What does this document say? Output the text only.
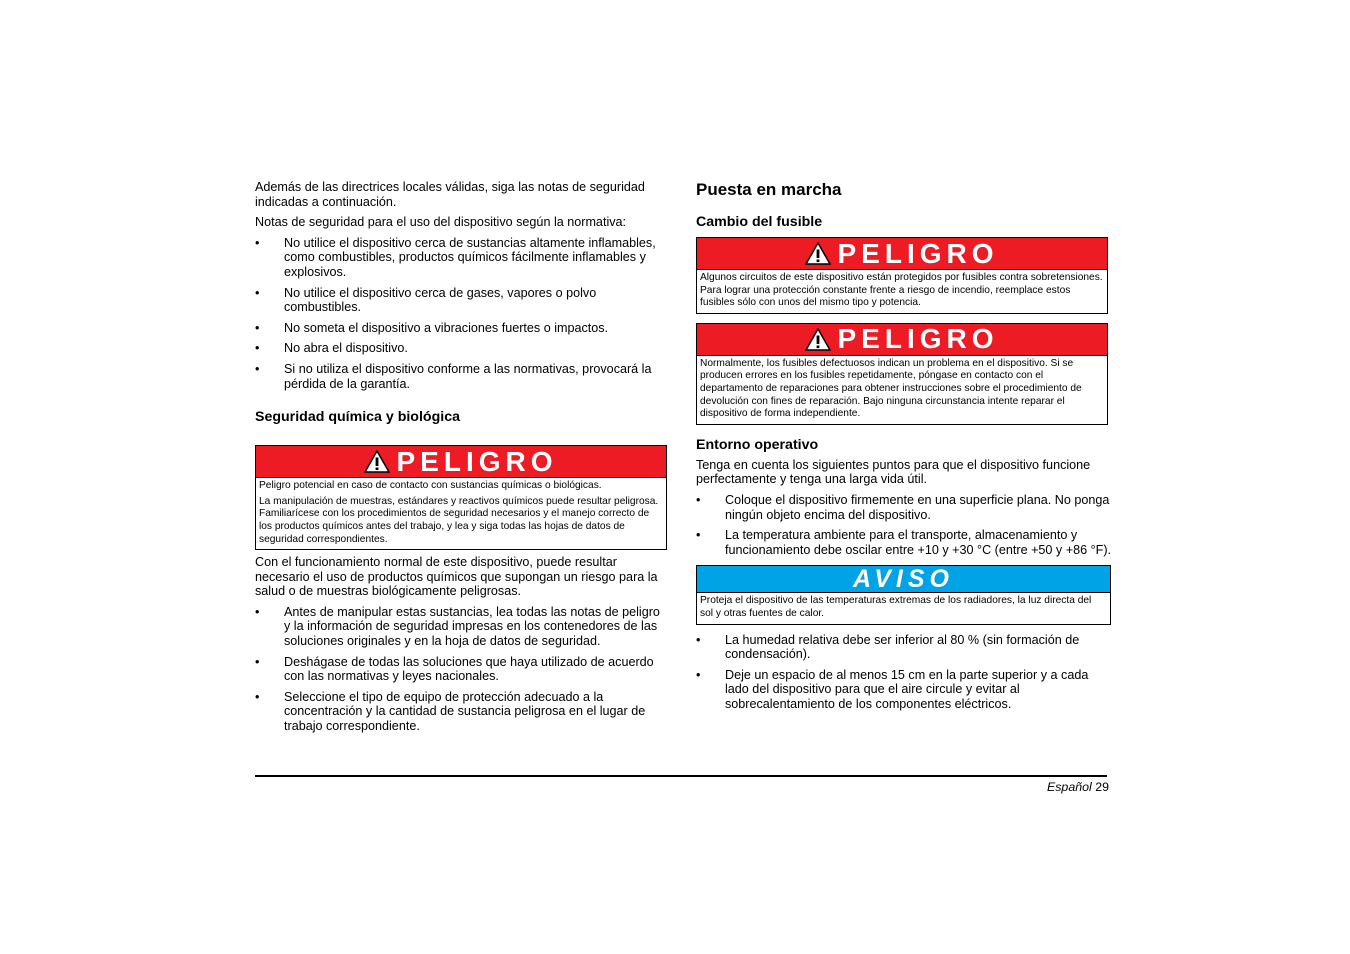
Además de las directrices locales válidas, siga las notas de seguridad indicadas a continuación.

Notas de seguridad para el uso del dispositivo según la normativa:

• No utilice el dispositivo cerca de sustancias altamente inflamables, como combustibles, productos químicos fácilmente inflamables y explosivos.
• No utilice el dispositivo cerca de gases, vapores o polvo combustibles.
• No someta el dispositivo a vibraciones fuertes o impactos.
• No abra el dispositivo.
• Si no utiliza el dispositivo conforme a las normativas, provocará la pérdida de la garantía.
Seguridad química y biológica
PELIGRO

Peligro potencial en caso de contacto con sustancias químicas o biológicas.

La manipulación de muestras, estándares y reactivos químicos puede resultar peligrosa. Familiarícese con los procedimientos de seguridad necesarios y el manejo correcto de los productos químicos antes del trabajo, y lea y siga todas las hojas de datos de seguridad correspondientes.

Con el funcionamiento normal de este dispositivo, puede resultar necesario el uso de productos químicos que supongan un riesgo para la salud o de muestras biológicamente peligrosas.

• Antes de manipular estas sustancias, lea todas las notas de peligro y la información de seguridad impresas en los contenedores de las soluciones originales y en la hoja de datos de seguridad.
• Deshágase de todas las soluciones que haya utilizado de acuerdo con las normativas y leyes nacionales.
• Seleccione el tipo de equipo de protección adecuado a la concentración y la cantidad de sustancia peligrosa en el lugar de trabajo correspondiente.
Puesta en marcha
Cambio del fusible
PELIGRO

Algunos circuitos de este dispositivo están protegidos por fusibles contra sobretensiones. Para lograr una protección constante frente a riesgo de incendio, reemplace estos fusibles sólo con unos del mismo tipo y potencia.

PELIGRO

Normalmente, los fusibles defectuosos indican un problema en el dispositivo. Si se producen errores en los fusibles repetidamente, póngase en contacto con el departamento de reparaciones para obtener instrucciones sobre el procedimiento de devolución con fines de reparación. Bajo ninguna circunstancia intente reparar el dispositivo de forma independiente.

Entorno operativo

Tenga en cuenta los siguientes puntos para que el dispositivo funcione perfectamente y tenga una larga vida útil.

• Coloque el dispositivo firmemente en una superficie plana. No ponga ningún objeto encima del dispositivo.
• La temperatura ambiente para el transporte, almacenamiento y funcionamiento debe oscilar entre +10 y +30 °C (entre +50 y +86 °F).
AVISO

Proteja el dispositivo de las temperaturas extremas de los radiadores, la luz directa del sol y otras fuentes de calor.

• La humedad relativa debe ser inferior al 80 % (sin formación de condensación).
• Deje un espacio de al menos 15 cm en la parte superior y a cada lado del dispositivo para que el aire circule y evitar al sobrecalentamiento de los componentes eléctricos.
Español 29
